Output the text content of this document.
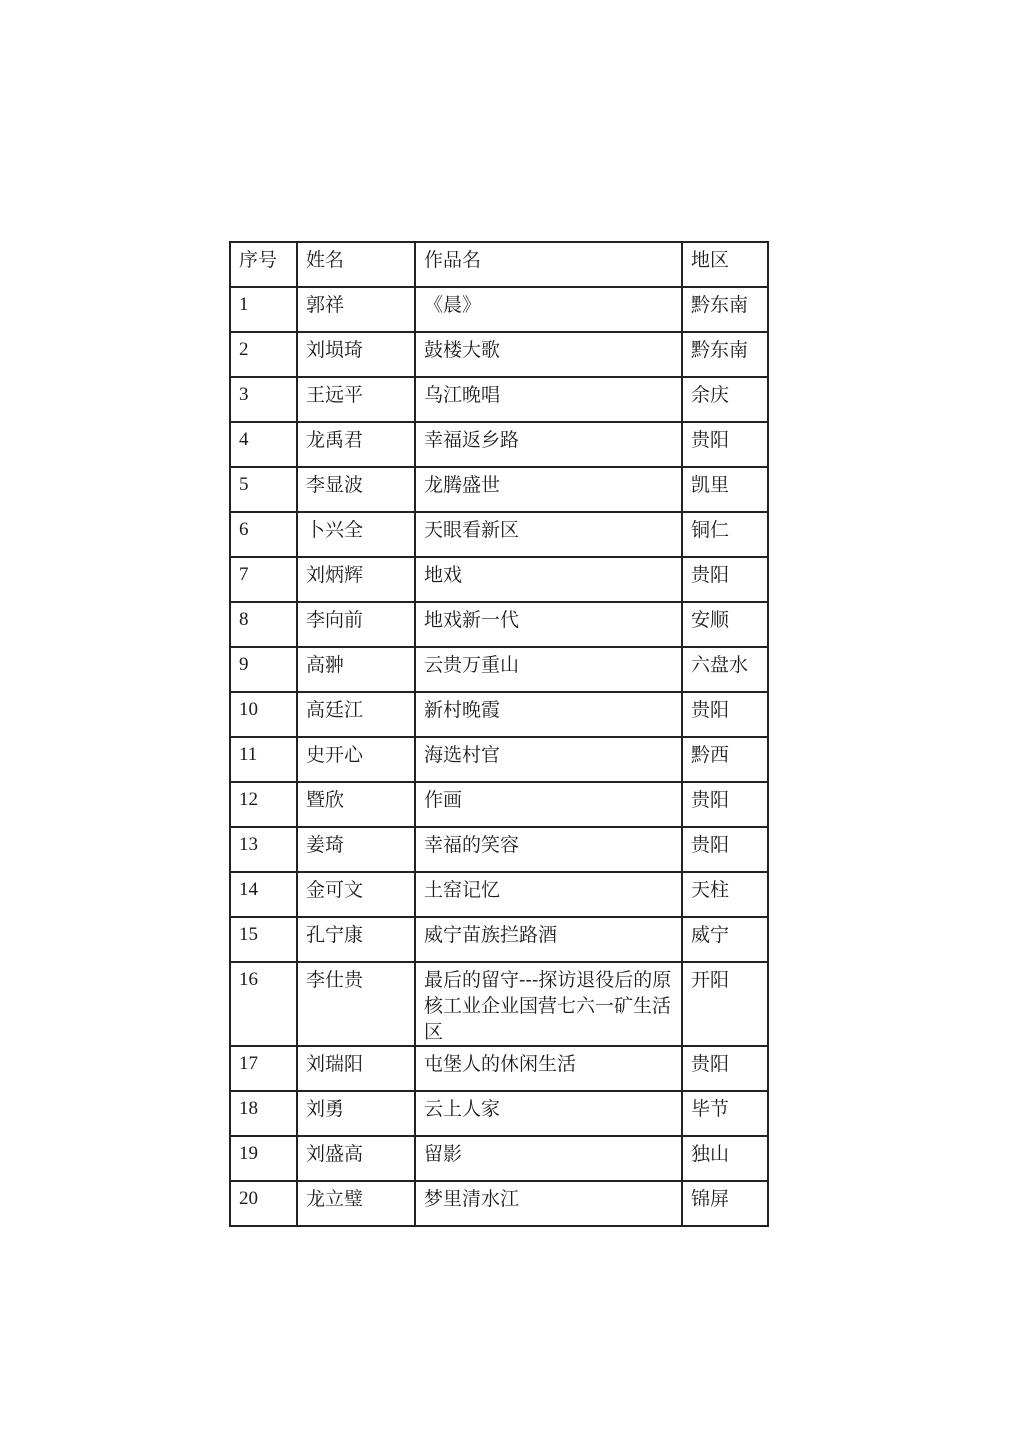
序号	姓名	作品名	地区
1	郭祥	《晨》	黔东南
2	刘埙琦	鼓楼大歌	黔东南
3	王远平	乌江晚唱	余庆
4	龙禹君	幸福返乡路	贵阳
5	李显波	龙腾盛世	凯里
6	卜兴全	天眼看新区	铜仁
7	刘炳辉	地戏	贵阳
8	李向前	地戏新一代	安顺
9	高翀	云贵万重山	六盘水
10	高廷江	新村晚霞	贵阳
11	史开心	海选村官	黔西
12	暨欣	作画	贵阳
13	姜琦	幸福的笑容	贵阳
14	金可文	土窑记忆	天柱
15	孔宁康	威宁苗族拦路酒	威宁
16	李仕贵	最后的留守---探访退役后的原核工业企业国营七六一矿生活区	开阳
17	刘瑞阳	屯堡人的休闲生活	贵阳
18	刘勇	云上人家	毕节
19	刘盛高	留影	独山
20	龙立璧	梦里清水江	锦屏
